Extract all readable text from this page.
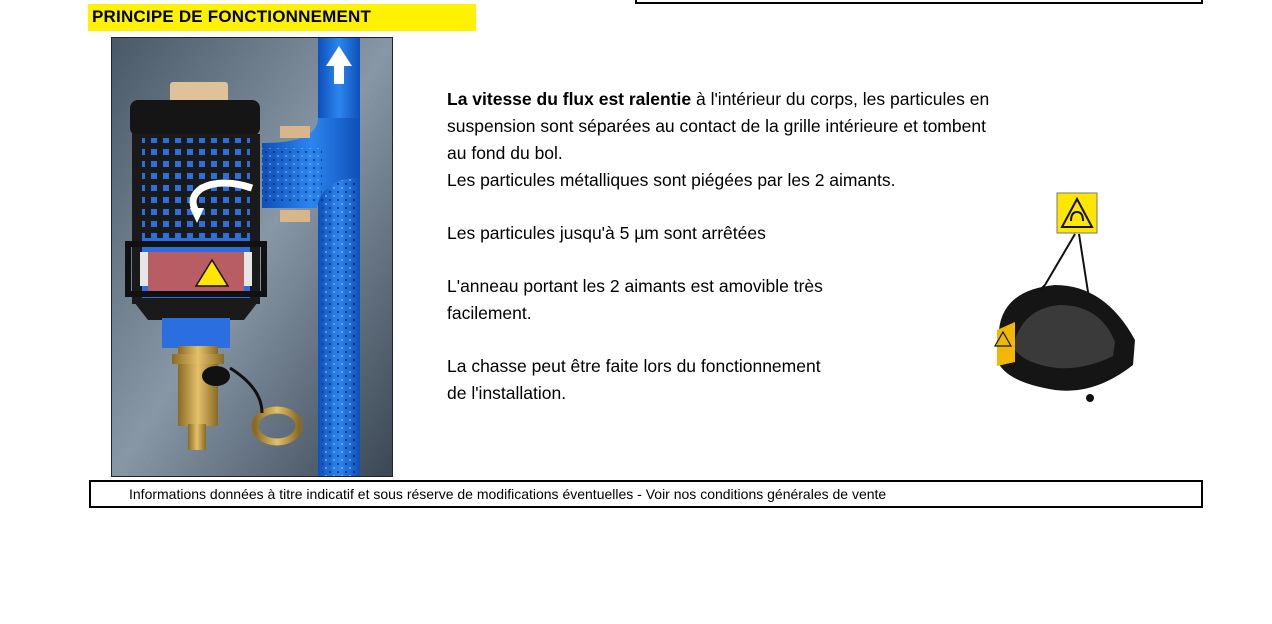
PRINCIPE DE FONCTIONNEMENT

La vitesse du flux est ralentie à l'intérieur du corps, les particules en

suspension sont séparées au contact de la grille intérieure et tombent

au fond du bol.

Les particules métalliques sont piégées par les 2 aimants.

Les particules jusqu'à 5 µm sont arrêtées

L'anneau portant les 2 aimants est amovible très

facilement.

La chasse peut être faite lors du fonctionnement

de l'installation.

Informations données à titre indicatif et sous réserve de modifications éventuelles - Voir nos conditions générales de vente
